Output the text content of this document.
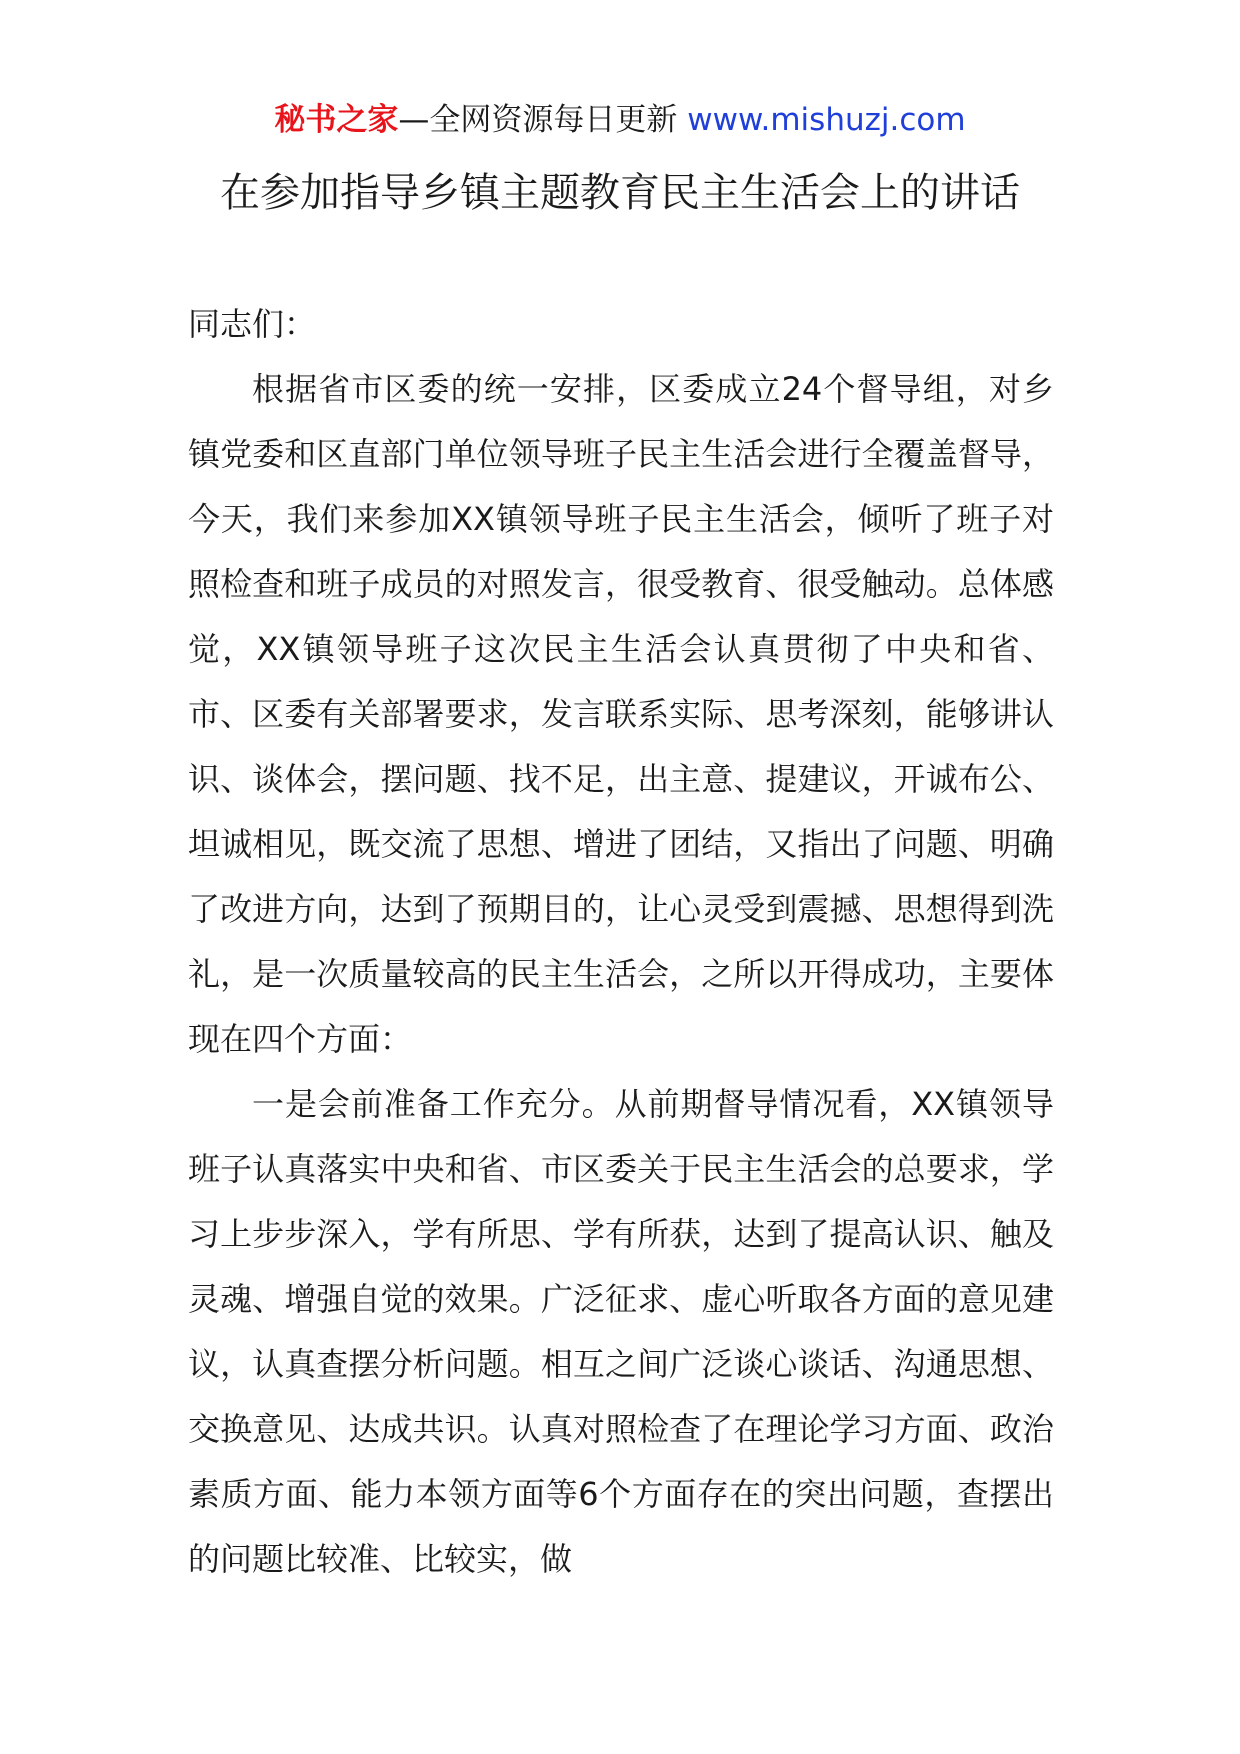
秘书之家—全网资源每日更新 www.mishuzj.com
在参加指导乡镇主题教育民主生活会上的讲话

同志们：

根据省市区委的统一安排，区委成立24个督导组，对乡镇党委和区直部门单位领导班子民主生活会进行全覆盖督导，今天，我们来参加XX镇领导班子民主生活会，倾听了班子对照检查和班子成员的对照发言，很受教育、很受触动。总体感觉，XX镇领导班子这次民主生活会认真贯彻了中央和省、市、区委有关部署要求，发言联系实际、思考深刻，能够讲认识、谈体会，摆问题、找不足，出主意、提建议，开诚布公、坦诚相见，既交流了思想、增进了团结，又指出了问题、明确了改进方向，达到了预期目的，让心灵受到震撼、思想得到洗礼，是一次质量较高的民主生活会，之所以开得成功，主要体现在四个方面：

一是会前准备工作充分。从前期督导情况看，XX镇领导班子认真落实中央和省、市区委关于民主生活会的总要求，学习上步步深入，学有所思、学有所获，达到了提高认识、触及灵魂、增强自觉的效果。广泛征求、虚心听取各方面的意见建议，认真查摆分析问题。相互之间广泛谈心谈话、沟通思想、交换意见、达成共识。认真对照检查了在理论学习方面、政治素质方面、能力本领方面等6个方面存在的突出问题，查摆出的问题比较准、比较实，做
